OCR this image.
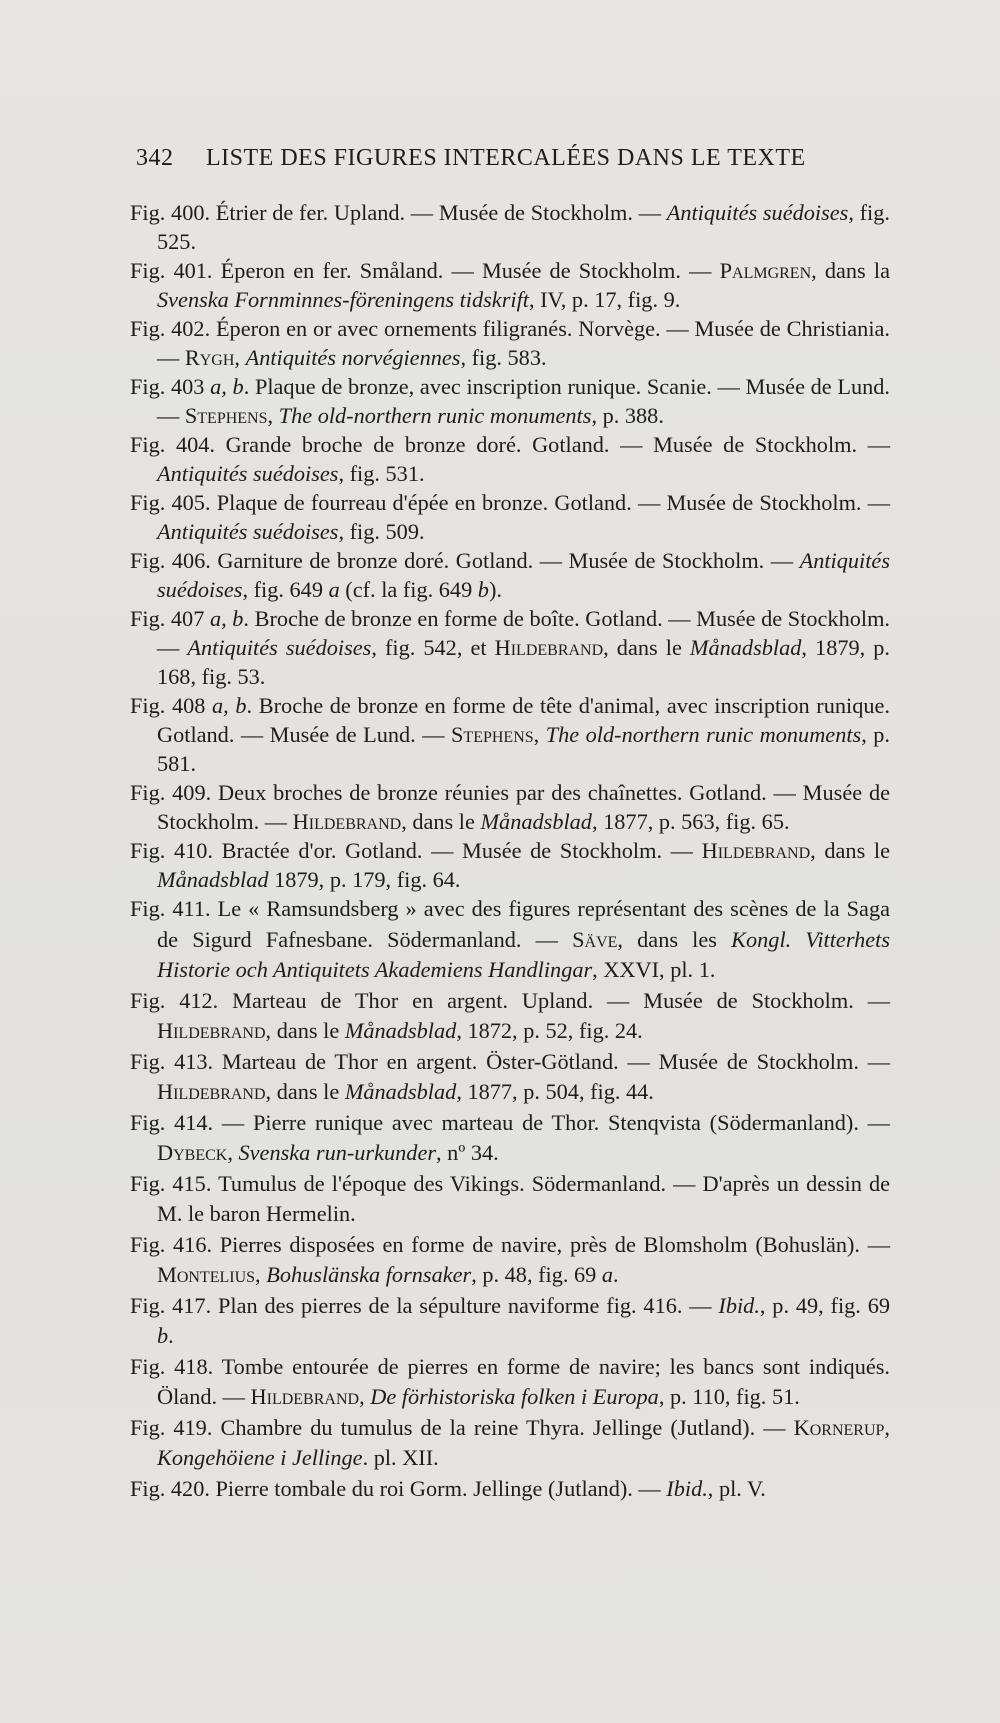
342 LISTE DES FIGURES INTERCALÉES DANS LE TEXTE

Fig. 400. Étrier de fer. Upland. — Musée de Stockholm. — Antiquités suédoises, fig. 525.

Fig. 401. Éperon en fer. Småland. — Musée de Stockholm. — Palmgren, dans la Svenska Fornminnes-föreningens tidskrift, IV, p. 17, fig. 9.

Fig. 402. Éperon en or avec ornements filigranés. Norvège. — Musée de Christiania. — Rygh, Antiquités norvégiennes, fig. 583.

Fig. 403 a, b. Plaque de bronze, avec inscription runique. Scanie. — Musée de Lund. — Stephens, The old-northern runic monuments, p. 388.

Fig. 404. Grande broche de bronze doré. Gotland. — Musée de Stockholm. — Antiquités suédoises, fig. 531.

Fig. 405. Plaque de fourreau d'épée en bronze. Gotland. — Musée de Stockholm. — Antiquités suédoises, fig. 509.

Fig. 406. Garniture de bronze doré. Gotland. — Musée de Stockholm. — Antiquités suédoises, fig. 649 a (cf. la fig. 649 b).

Fig. 407 a, b. Broche de bronze en forme de boîte. Gotland. — Musée de Stockholm. — Antiquités suédoises, fig. 542, et Hildebrand, dans le Månadsblad, 1879, p. 168, fig. 53.

Fig. 408 a, b. Broche de bronze en forme de tête d'animal, avec inscription runique. Gotland. — Musée de Lund. — Stephens, The old-northern runic monuments, p. 581.

Fig. 409. Deux broches de bronze réunies par des chaînettes. Gotland. — Musée de Stockholm. — Hildebrand, dans le Månadsblad, 1877, p. 563, fig. 65.

Fig. 410. Bractée d'or. Gotland. — Musée de Stockholm. — Hildebrand, dans le Månadsblad 1879, p. 179, fig. 64.

Fig. 411. Le « Ramsundsberg » avec des figures représentant des scènes de la Saga de Sigurd Fafnesbane. Södermanland. — Säve, dans les Kongl. Vitterhets Historie och Antiquitets Akademiens Handlingar, XXVI, pl. 1.

Fig. 412. Marteau de Thor en argent. Upland. — Musée de Stockholm. — Hildebrand, dans le Månadsblad, 1872, p. 52, fig. 24.

Fig. 413. Marteau de Thor en argent. Öster-Götland. — Musée de Stockholm. — Hildebrand, dans le Månadsblad, 1877, p. 504, fig. 44.

Fig. 414. — Pierre runique avec marteau de Thor. Stenqvista (Södermanland). — Dybeck, Svenska run-urkunder, nº 34.

Fig. 415. Tumulus de l'époque des Vikings. Södermanland. — D'après un dessin de M. le baron Hermelin.

Fig. 416. Pierres disposées en forme de navire, près de Blomsholm (Bohuslän). — Montelius, Bohuslänska fornsaker, p. 48, fig. 69 a.

Fig. 417. Plan des pierres de la sépulture naviforme fig. 416. — Ibid., p. 49, fig. 69 b.

Fig. 418. Tombe entourée de pierres en forme de navire; les bancs sont indiqués. Öland. — Hildebrand, De förhistoriska folken i Europa, p. 110, fig. 51.

Fig. 419. Chambre du tumulus de la reine Thyra. Jellinge (Jutland). — Kornerup, Kongehöiene i Jellinge. pl. XII.

Fig. 420. Pierre tombale du roi Gorm. Jellinge (Jutland). — Ibid., pl. V.
